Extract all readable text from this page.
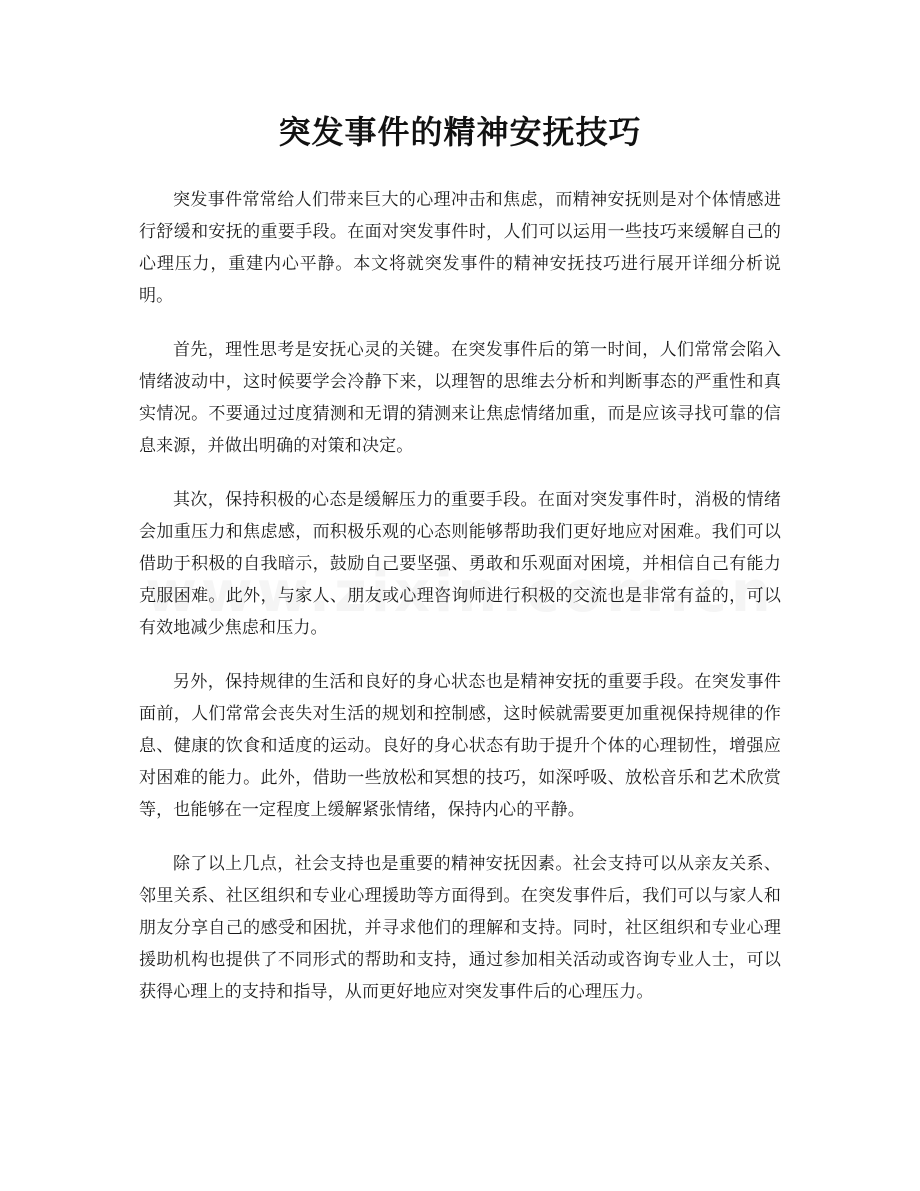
突发事件的精神安抚技巧

突发事件常常给人们带来巨大的心理冲击和焦虑，而精神安抚则是对个体情感进行舒缓和安抚的重要手段。在面对突发事件时，人们可以运用一些技巧来缓解自己的心理压力，重建内心平静。本文将就突发事件的精神安抚技巧进行展开详细分析说明。

首先，理性思考是安抚心灵的关键。在突发事件后的第一时间，人们常常会陷入情绪波动中，这时候要学会冷静下来，以理智的思维去分析和判断事态的严重性和真实情况。不要通过过度猜测和无谓的猜测来让焦虑情绪加重，而是应该寻找可靠的信息来源，并做出明确的对策和决定。

其次，保持积极的心态是缓解压力的重要手段。在面对突发事件时，消极的情绪会加重压力和焦虑感，而积极乐观的心态则能够帮助我们更好地应对困难。我们可以借助于积极的自我暗示，鼓励自己要坚强、勇敢和乐观面对困境，并相信自己有能力克服困难。此外，与家人、朋友或心理咨询师进行积极的交流也是非常有益的，可以有效地减少焦虑和压力。

另外，保持规律的生活和良好的身心状态也是精神安抚的重要手段。在突发事件面前，人们常常会丧失对生活的规划和控制感，这时候就需要更加重视保持规律的作息、健康的饮食和适度的运动。良好的身心状态有助于提升个体的心理韧性，增强应对困难的能力。此外，借助一些放松和冥想的技巧，如深呼吸、放松音乐和艺术欣赏等，也能够在一定程度上缓解紧张情绪，保持内心的平静。

除了以上几点，社会支持也是重要的精神安抚因素。社会支持可以从亲友关系、邻里关系、社区组织和专业心理援助等方面得到。在突发事件后，我们可以与家人和朋友分享自己的感受和困扰，并寻求他们的理解和支持。同时，社区组织和专业心理援助机构也提供了不同形式的帮助和支持，通过参加相关活动或咨询专业人士，可以获得心理上的支持和指导，从而更好地应对突发事件后的心理压力。
